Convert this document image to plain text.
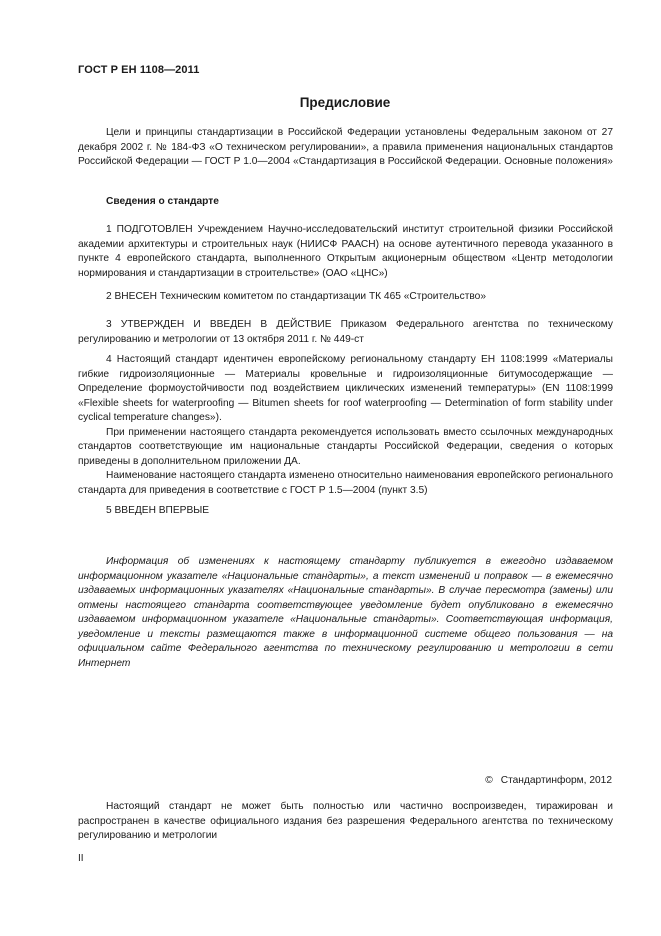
ГОСТ Р ЕН 1108—2011
Предисловие

Цели и принципы стандартизации в Российской Федерации установлены Федеральным законом от 27 декабря 2002 г. № 184-ФЗ «О техническом регулировании», а правила применения национальных стандартов Российской Федерации — ГОСТ Р 1.0—2004 «Стандартизация в Российской Федерации. Основные положения»

Сведения о стандарте

1 ПОДГОТОВЛЕН Учреждением Научно-исследовательский институт строительной физики Российской академии архитектуры и строительных наук (НИИСФ РААСН) на основе аутентичного перевода указанного в пункте 4 европейского стандарта, выполненного Открытым акционерным обществом «Центр методологии нормирования и стандартизации в строительстве» (ОАО «ЦНС»)

2 ВНЕСЕН Техническим комитетом по стандартизации ТК 465 «Строительство»

3 УТВЕРЖДЕН И ВВЕДЕН В ДЕЙСТВИЕ Приказом Федерального агентства по техническому регулированию и метрологии от 13 октября 2011 г. № 449-ст

4 Настоящий стандарт идентичен европейскому региональному стандарту ЕН 1108:1999 «Материалы гибкие гидроизоляционные — Материалы кровельные и гидроизоляционные битумосодержащие — Определение формоустойчивости под воздействием циклических изменений температуры» (EN 1108:1999 «Flexible sheets for waterproofing — Bitumen sheets for roof waterproofing — Determination of form stability under cyclical temperature changes»).

При применении настоящего стандарта рекомендуется использовать вместо ссылочных международных стандартов соответствующие им национальные стандарты Российской Федерации, сведения о которых приведены в дополнительном приложении ДА.

Наименование настоящего стандарта изменено относительно наименования европейского регионального стандарта для приведения в соответствие с ГОСТ Р 1.5—2004 (пункт 3.5)

5 ВВЕДЕН ВПЕРВЫЕ

Информация об изменениях к настоящему стандарту публикуется в ежегодно издаваемом информационном указателе «Национальные стандарты», а текст изменений и поправок — в ежемесячно издаваемых информационных указателях «Национальные стандарты». В случае пересмотра (замены) или отмены настоящего стандарта соответствующее уведомление будет опубликовано в ежемесячно издаваемом информационном указателе «Национальные стандарты». Соответствующая информация, уведомление и тексты размещаются также в информационной системе общего пользования — на официальном сайте Федерального агентства по техническому регулированию и метрологии в сети Интернет

© Стандартинформ, 2012

Настоящий стандарт не может быть полностью или частично воспроизведен, тиражирован и распространен в качестве официального издания без разрешения Федерального агентства по техническому регулированию и метрологии

II
